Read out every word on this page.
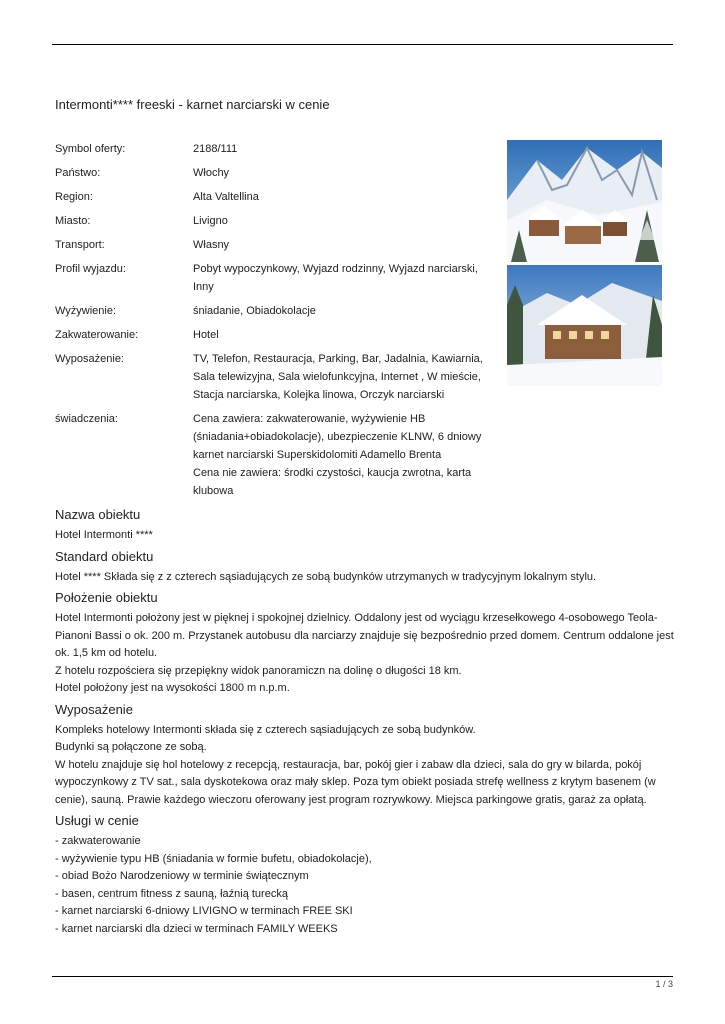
Intermonti**** freeski - karnet narciarski w cenie
Symbol oferty:	2188/111
Państwo:	Włochy
Region:	Alta Valtellina
Miasto:	Livigno
Transport:	Własny
Profil wyjazdu:	Pobyt wypoczynkowy, Wyjazd rodzinny, Wyjazd narciarski, Inny
Wyżywienie:	śniadanie, Obiadokolacje
Zakwaterowanie:	Hotel
Wyposażenie:	TV, Telefon, Restauracja, Parking, Bar, Jadalnia, Kawiarnia, Sala telewizyjna, Sala wielofunkcyjna, Internet , W mieście, Stacja narciarska, Kolejka linowa, Orczyk narciarski
świadczenia:	Cena zawiera: zakwaterowanie, wyżywienie HB (śniadania+obiadokolacje), ubezpieczenie KLNW, 6 dniowy karnet narciarski Superskidolomiti Adamello Brenta
Cena nie zawiera: środki czystości, kaucja zwrotna, karta klubowa
Nazwa obiektu
Hotel Intermonti ****
Standard obiektu
Hotel **** Składa się z z czterech sąsiadujących ze sobą budynków utrzymanych w tradycyjnym lokalnym stylu.
Położenie obiektu
Hotel Intermonti położony jest w pięknej i spokojnej dzielnicy. Oddalony jest od wyciągu krzesełkowego 4-osobowego Teola-Pianoni Bassi o ok. 200 m. Przystanek autobusu dla narciarzy znajduje się bezpośrednio przed domem. Centrum oddalone jest ok. 1,5 km od hotelu.
Z hotelu rozpościera się przepiękny widok panoramiczn na dolinę o długości 18 km.
Hotel położony jest na wysokości 1800 m n.p.m.
Wyposażenie
Kompleks hotelowy Intermonti składa się z czterech sąsiadujących ze sobą budynków.
Budynki są połączone ze sobą.
W hotelu znajduje się hol hotelowy z recepcją, restauracja, bar, pokój gier i zabaw dla dzieci, sala do gry w bilarda, pokój wypoczynkowy z TV sat., sala dyskotekowa oraz mały sklep. Poza tym obiekt posiada strefę wellness z krytym basenem (w cenie), sauną. Prawie każdego wieczoru oferowany jest program rozrywkowy. Miejsca parkingowe gratis, garaż za opłatą.
Usługi w cenie
- zakwaterowanie
- wyżywienie typu HB (śniadania w formie bufetu, obiadokolacje),
- obiad Bożo Narodzeniowy w terminie świątecznym
- basen, centrum fitness z sauną, łaźnią turecką
- karnet narciarski 6-dniowy LIVIGNO w terminach FREE SKI
- karnet narciarski dla dzieci w terminach FAMILY WEEKS
1 / 3
